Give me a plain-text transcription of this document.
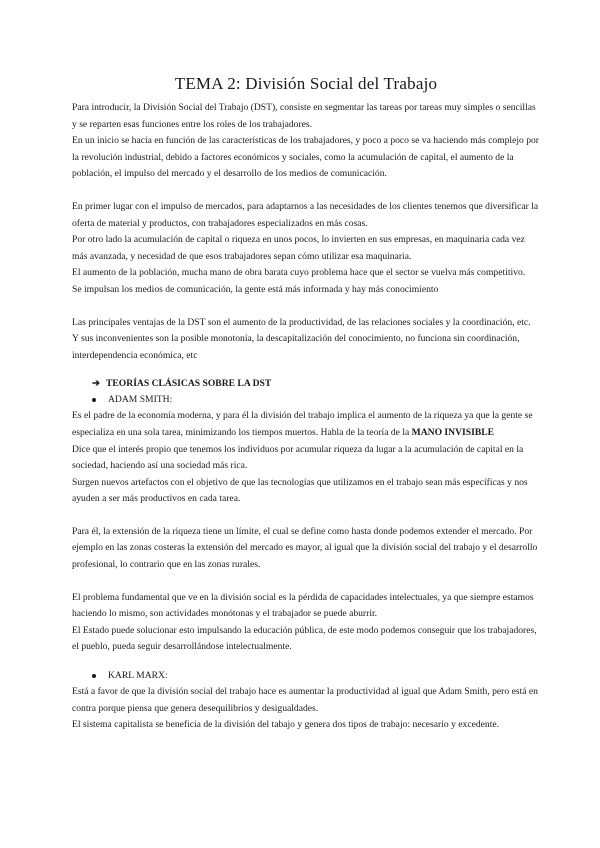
TEMA 2: División Social del Trabajo

Para introducir, la División Social del Trabajo (DST), consiste en segmentar las tareas por tareas muy simples o sencillas y se reparten esas funciones entre los roles de los trabajadores.

En un inicio se hacía en función de las características de los trabajadores, y poco a poco se va haciendo más complejo por la revolución industrial, debido a factores económicos y sociales, como la acumulación de capital, el aumento de la población, el impulso del mercado y el desarrollo de los medios de comunicación.

En primer lugar con el impulso de mercados, para adaptarnos a las necesidades de los clientes tenemos que diversificar la oferta de material y productos, con trabajadores especializados en más cosas.

Por otro lado la acumulación de capital o riqueza en unos pocos, lo invierten en sus empresas, en maquinaria cada vez más avanzada, y necesidad de que esos trabajadores sepan cómo utilizar esa maquinaria.

El aumento de la población, mucha mano de obra barata cuyo problema hace que el sector se vuelva más competitivo.

Se impulsan los medios de comunicación, la gente está más informada y hay más conocimiento

Las principales ventajas de la DST son el aumento de la productividad, de las relaciones sociales y la coordinación, etc.

Y sus inconvenientes son la posible monotonía, la descapitalización del conocimiento, no funciona sin coordinación, interdependencia económica, etc

➔ TEORÍAS CLÁSICAS SOBRE LA DST
ADAM SMITH:

Es el padre de la economía moderna, y para él la división del trabajo implica el aumento de la riqueza ya que la gente se especializa en una sola tarea, minimizando los tiempos muertos. Habla de la teoría de la MANO INVISIBLE

Dice que el interés propio que tenemos los individuos por acumular riqueza da lugar a la acumulación de capital en la sociedad, haciendo así una sociedad más rica.

Surgen nuevos artefactos con el objetivo de que las tecnologías que utilizamos en el trabajo sean más específicas y nos ayuden a ser más productivos en cada tarea.

Para él, la extensión de la riqueza tiene un límite, el cual se define como hasta donde podemos extender el mercado. Por ejemplo en las zonas costeras la extensión del mercado es mayor, al igual que la división social del trabajo y el desarrollo profesional, lo contrario que en las zonas rurales.

El problema fundamental que ve en la división social es la pérdida de capacidades intelectuales, ya que siempre estamos haciendo lo mismo, son actividades monótonas y el trabajador se puede aburrir.

El Estado puede solucionar esto impulsando la educación pública, de este modo podemos conseguir que los trabajadores, el pueblo, pueda seguir desarrollándose intelectualmente.

KARL MARX:

Está a favor de que la división social del trabajo hace es aumentar la productividad al igual que Adam Smith, pero está en contra porque piensa que genera desequilibrios y desigualdades.

El sistema capitalista se beneficia de la división del tabajo y genera dos tipos de trabajo: necesario y excedente.
